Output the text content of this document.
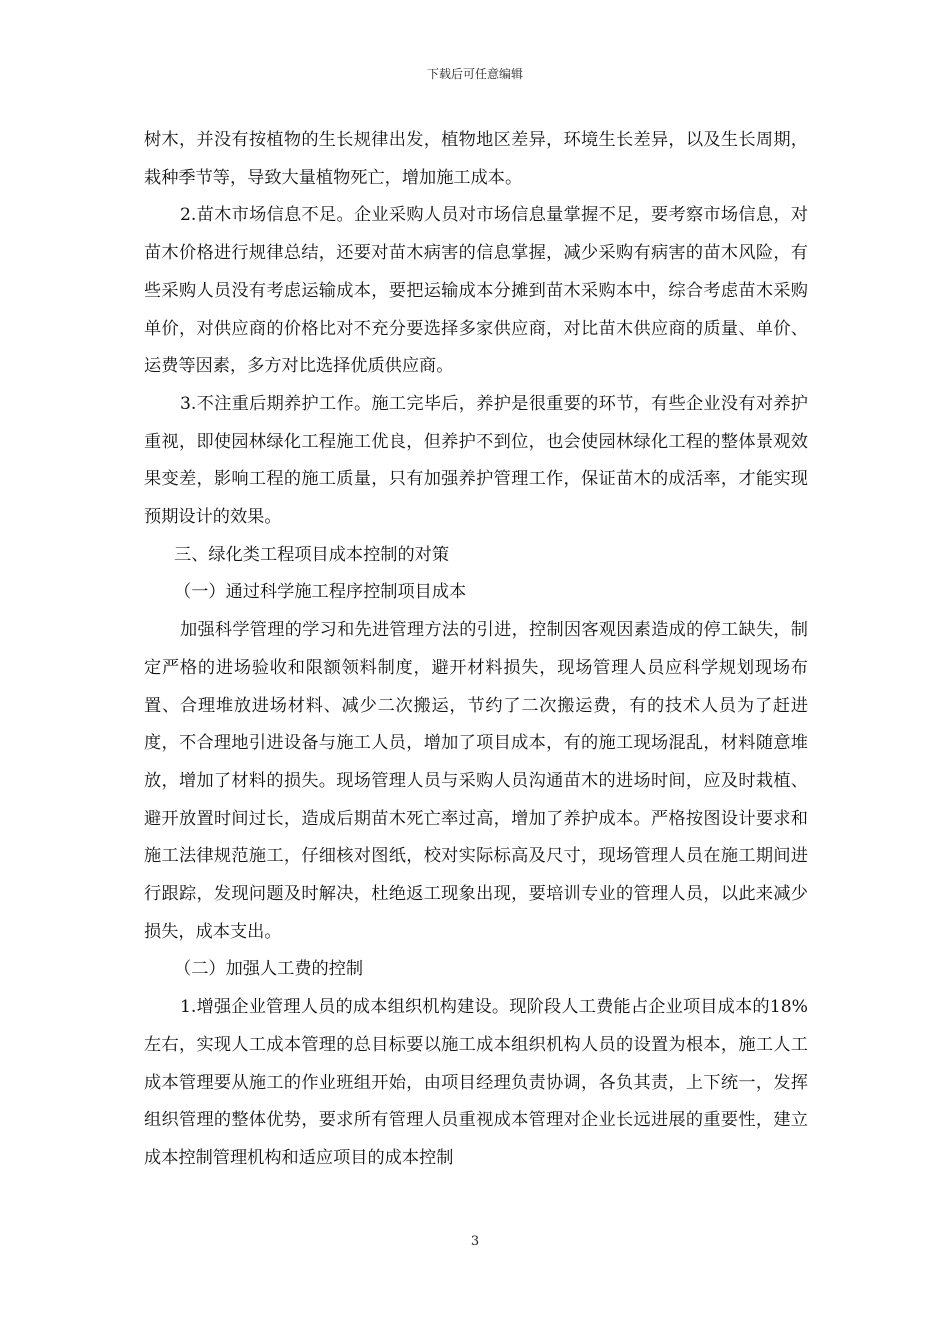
下载后可任意编辑

树木，并没有按植物的生长规律出发，植物地区差异，环境生长差异，以及生长周期，栽种季节等，导致大量植物死亡，增加施工成本。

2.苗木市场信息不足。企业采购人员对市场信息量掌握不足，要考察市场信息，对苗木价格进行规律总结，还要对苗木病害的信息掌握，减少采购有病害的苗木风险，有些采购人员没有考虑运输成本，要把运输成本分摊到苗木采购本中，综合考虑苗木采购单价，对供应商的价格比对不充分要选择多家供应商，对比苗木供应商的质量、单价、运费等因素，多方对比选择优质供应商。

3.不注重后期养护工作。施工完毕后，养护是很重要的环节，有些企业没有对养护重视，即使园林绿化工程施工优良，但养护不到位，也会使园林绿化工程的整体景观效果变差，影响工程的施工质量，只有加强养护管理工作，保证苗木的成活率，才能实现预期设计的效果。

三、绿化类工程项目成本控制的对策

（一）通过科学施工程序控制项目成本

加强科学管理的学习和先进管理方法的引进，控制因客观因素造成的停工缺失，制定严格的进场验收和限额领料制度，避开材料损失，现场管理人员应科学规划现场布置、合理堆放进场材料、减少二次搬运，节约了二次搬运费，有的技术人员为了赶进度，不合理地引进设备与施工人员，增加了项目成本，有的施工现场混乱，材料随意堆放，增加了材料的损失。现场管理人员与采购人员沟通苗木的进场时间，应及时栽植、避开放置时间过长，造成后期苗木死亡率过高，增加了养护成本。严格按图设计要求和施工法律规范施工，仔细核对图纸，校对实际标高及尺寸，现场管理人员在施工期间进行跟踪，发现问题及时解决，杜绝返工现象出现，要培训专业的管理人员，以此来减少损失，成本支出。

（二）加强人工费的控制

1.增强企业管理人员的成本组织机构建设。现阶段人工费能占企业项目成本的18%左右，实现人工成本管理的总目标要以施工成本组织机构人员的设置为根本，施工人工成本管理要从施工的作业班组开始，由项目经理负责协调，各负其责，上下统一，发挥组织管理的整体优势，要求所有管理人员重视成本管理对企业长远进展的重要性，建立成本控制管理机构和适应项目的成本控制

3
